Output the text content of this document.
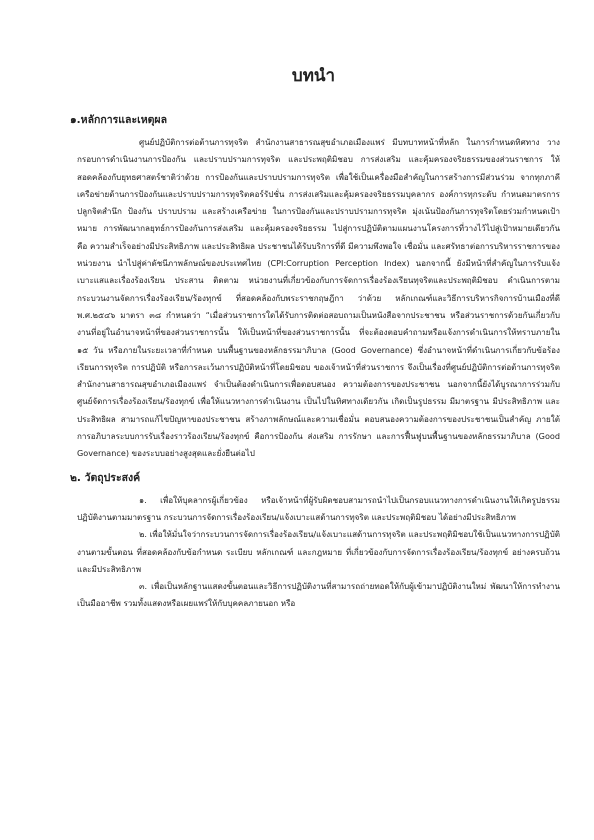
บทนำ
๑.หลักการและเหตุผล

ศูนย์ปฏิบัติการต่อต้านการทุจริต สำนักงานสาธารณสุขอำเภอเมืองแพร่ มีบทบาทหน้าที่หลัก ในการกำหนดทิศทาง วางกรอบการดำเนินงานการป้องกัน และปราบปรามการทุจริต และประพฤติมิชอบ การส่งเสริม และคุ้มครองจริยธรรมของส่วนราชการ ให้สอดคล้องกับยุทธศาสตร์ชาติว่าด้วย การป้องกันและปราบปรามการทุจริต เพื่อใช้เป็นเครื่องมือสำคัญในการสร้างการมีส่วนร่วม จากทุกภาคีเครือข่ายด้านการป้องกันและปราบปรามการทุจริตคอร์รัปชั่น การส่งเสริมและคุ้มครองจริยธรรมบุคลากร องค์การทุกระดับ กำหนดมาตรการปลูกจิตสำนึก ป้องกัน ปราบปราม และสร้างเครือข่าย ในการป้องกันและปราบปรามการทุจริต มุ่งเน้นป้องกันการทุจริตโดยร่วมกำหนดเป้าหมาย การพัฒนากลยุทธ์การป้องกันการส่งเสริม และคุ้มครองจริยธรรม ไปสู่การปฏิบัติตามแผนงานโครงการที่วางไว้ไปสู่เป้าหมายเดียวกัน คือ ความสำเร็จอย่างมีประสิทธิภาพ และประสิทธิผล ประชาชนได้รับบริการที่ดี มีความพึงพอใจ เชื่อมั่น และศรัทธาต่อการบริหารราชการของหน่วยงาน นำไปสู่ค่าดัชนีภาพลักษณ์ของประเทศไทย (CPI:Corruption Perception Index) นอกจากนี้ ยังมีหน้าที่สำคัญในการรับแจ้งเบาะแสและเรื่องร้องเรียน ประสาน ติดตาม หน่วยงานที่เกี่ยวข้องกับการจัดการเรื่องร้องเรียนทุจริตและประพฤติมิชอบ ดำเนินการตามกระบวนงานจัดการเรื่องร้องเรียน/ร้องทุกข์ ที่สอดคล้องกับพระราชกฤษฎีกา ว่าด้วย หลักเกณฑ์และวิธีการบริหารกิจการบ้านเมืองที่ดี พ.ศ.๒๕๔๖ มาตรา ๓๘ กำหนดว่า “เมื่อส่วนราชการใดได้รับการติดต่อสอบถามเป็นหนังสือจากประชาชน หรือส่วนราชการด้วยกันเกี่ยวกับงานที่อยู่ในอำนาจหน้าที่ของส่วนราชการนั้น ให้เป็นหน้าที่ของส่วนราชการนั้น ที่จะต้องตอบคำถามหรือแจ้งการดำเนินการให้ทราบภายใน ๑๕ วัน หรือภายในระยะเวลาที่กำหนด บนพื้นฐานของหลักธรรมาภิบาล (Good Governance) ซึ่งอำนาจหน้าที่ดำเนินการเกี่ยวกับข้อร้องเรียนการทุจริต การปฏิบัติ หรือการละเว้นการปฏิบัติหน้าที่โดยมิชอบ ของเจ้าหน้าที่ส่วนราชการ จึงเป็นเรื่องที่ศูนย์ปฏิบัติการต่อต้านการทุจริต สำนักงานสาธารณสุขอำเภอเมืองแพร่ จำเป็นต้องดำเนินการเพื่อตอบสนอง ความต้องการของประชาชน นอกจากนี้ยังได้บูรณาการร่วมกับศูนย์จัดการเรื่องร้องเรียน/ร้องทุกข์ เพื่อให้แนวทางการดำเนินงาน เป็นไปในทิศทางเดียวกัน เกิดเป็นรูปธรรม มีมาตรฐาน มีประสิทธิภาพ และประสิทธิผล สามารถแก้ไขปัญหาของประชาชน สร้างภาพลักษณ์และความเชื่อมั่น ตอบสนองความต้องการของประชาชนเป็นสำคัญ ภายใต้การอภิบาลระบบการรับเรื่องราวร้องเรียน/ร้องทุกข์ คือการป้องกัน ส่งเสริม การรักษา และการฟื้นฟูบนพื้นฐานของหลักธรรมาภิบาล (Good Governance) ของระบบอย่างสูงสุดและยั่งยืนต่อไป

๒. วัตถุประสงค์

๑. เพื่อให้บุคลากรผู้เกี่ยวข้อง หรือเจ้าหน้าที่ผู้รับผิดชอบสามารถนำไปเป็นกรอบแนวทางการดำเนินงานให้เกิดรูปธรรม ปฏิบัติงานตามมาตรฐาน กระบวนการจัดการเรื่องร้องเรียน/แจ้งเบาะแสด้านการทุจริต และประพฤติมิชอบ ได้อย่างมีประสิทธิภาพ

๒. เพื่อให้มั่นใจว่ากระบวนการจัดการเรื่องร้องเรียน/แจ้งเบาะแสด้านการทุจริต และประพฤติมิชอบใช้เป็นแนวทางการปฏิบัติงานตามขั้นตอน ที่สอดคล้องกับข้อกำหนด ระเบียบ หลักเกณฑ์ และกฎหมาย ที่เกี่ยวข้องกับการจัดการเรื่องร้องเรียน/ร้องทุกข์ อย่างครบถ้วนและมีประสิทธิภาพ

๓. เพื่อเป็นหลักฐานแสดงขั้นตอนและวิธีการปฏิบัติงานที่สามารถถ่ายทอดให้กับผู้เข้ามาปฏิบัติงานใหม่ พัฒนาให้การทำงานเป็นมืออาชีพ รวมทั้งแสดงหรือเผยแพร่ให้กับบุคคลภายนอก หรือ
